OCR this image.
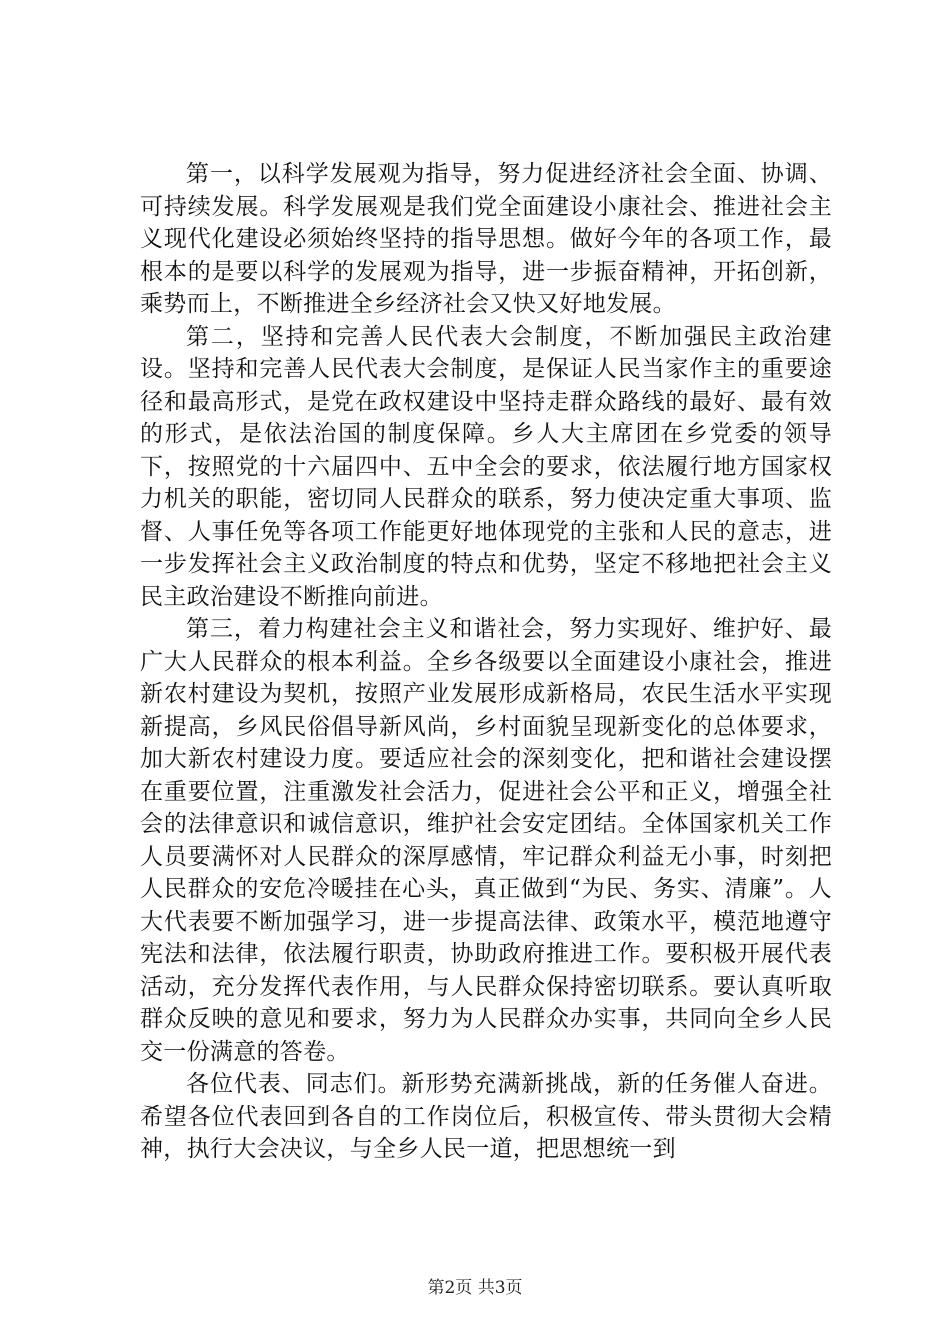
第一，以科学发展观为指导，努力促进经济社会全面、协调、可持续发展。科学发展观是我们党全面建设小康社会、推进社会主义现代化建设必须始终坚持的指导思想。做好今年的各项工作，最根本的是要以科学的发展观为指导，进一步振奋精神，开拓创新，乘势而上，不断推进全乡经济社会又快又好地发展。

第二，坚持和完善人民代表大会制度，不断加强民主政治建设。坚持和完善人民代表大会制度，是保证人民当家作主的重要途径和最高形式，是党在政权建设中坚持走群众路线的最好、最有效的形式，是依法治国的制度保障。乡人大主席团在乡党委的领导下，按照党的十六届四中、五中全会的要求，依法履行地方国家权力机关的职能，密切同人民群众的联系，努力使决定重大事项、监督、人事任免等各项工作能更好地体现党的主张和人民的意志，进一步发挥社会主义政治制度的特点和优势，坚定不移地把社会主义民主政治建设不断推向前进。

第三，着力构建社会主义和谐社会，努力实现好、维护好、最广大人民群众的根本利益。全乡各级要以全面建设小康社会，推进新农村建设为契机，按照产业发展形成新格局，农民生活水平实现新提高，乡风民俗倡导新风尚，乡村面貌呈现新变化的总体要求，加大新农村建设力度。要适应社会的深刻变化，把和谐社会建设摆在重要位置，注重激发社会活力，促进社会公平和正义，增强全社会的法律意识和诚信意识，维护社会安定团结。全体国家机关工作人员要满怀对人民群众的深厚感情，牢记群众利益无小事，时刻把人民群众的安危冷暖挂在心头，真正做到“为民、务实、清廉”。人大代表要不断加强学习，进一步提高法律、政策水平，模范地遵守宪法和法律，依法履行职责，协助政府推进工作。要积极开展代表活动，充分发挥代表作用，与人民群众保持密切联系。要认真听取群众反映的意见和要求，努力为人民群众办实事，共同向全乡人民交一份满意的答卷。

各位代表、同志们。新形势充满新挑战，新的任务催人奋进。希望各位代表回到各自的工作岗位后，积极宣传、带头贯彻大会精神，执行大会决议，与全乡人民一道，把思想统一到

第2页 共3页
